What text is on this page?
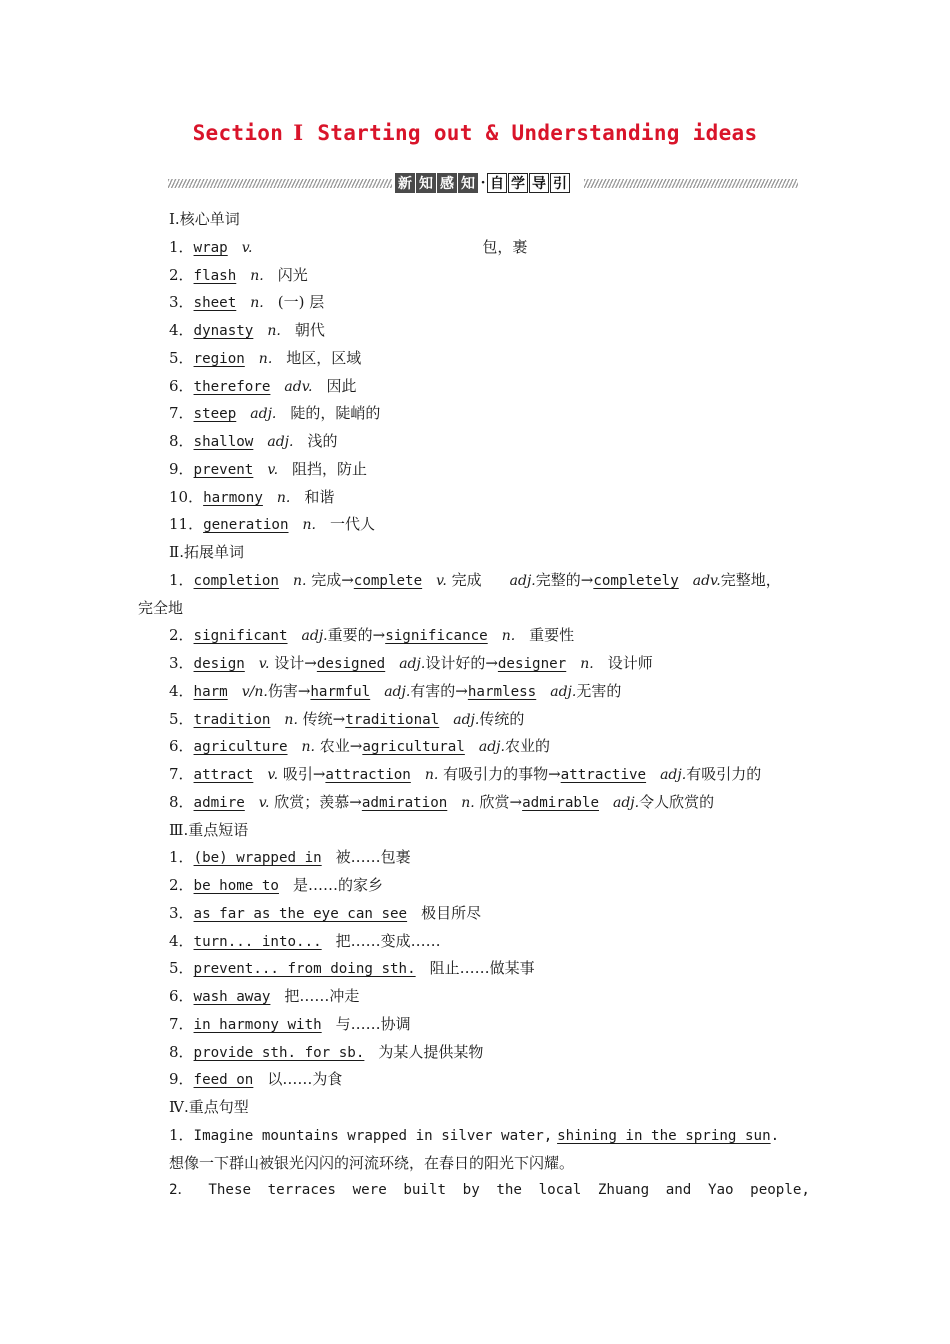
Section Ⅰ Starting out & Understanding ideas
新 知 感 知 · 自 学 导 引
Ⅰ.核心单词
1．wrap v.	包，裹
2．flash n. 闪光
3．sheet n. (一) 层
4．dynasty n. 朝代
5．region n. 地区，区域
6．therefore adv. 因此
7．steep adj. 陡的，陡峭的
8．shallow adj. 浅的
9．prevent v. 阻挡，防止
10．harmony n. 和谐
11．generation n. 一代人
Ⅱ.拓展单词
1．completion n. 完成→complete v. 完成 adj.完整的→completely adv.完整地，
完全地
2．significant adj.重要的→significance n. 重要性
3．design v. 设计→designed adj.设计好的→designer n. 设计师
4．harm v/n.伤害→harmful adj.有害的→harmless adj.无害的
5．tradition n. 传统→traditional adj.传统的
6．agriculture n. 农业→agricultural adj.农业的
7．attract v. 吸引→attraction n. 有吸引力的事物→attractive adj.有吸引力的
8．admire v. 欣赏；羡慕→admiration n. 欣赏→admirable adj.令人欣赏的
Ⅲ.重点短语
1．(be) wrapped in 被……包裹
2．be home to 是……的家乡
3．as far as the eye can see 极目所尽
4．turn... into... 把……变成……
5．prevent... from doing sth. 阻止……做某事
6．wash away 把……冲走
7．in harmony with 与……协调
8．provide sth. for sb. 为某人提供某物
9．feed on 以……为食
Ⅳ.重点句型
1．Imagine mountains wrapped in silver water, shining in the spring sun.
想像一下群山被银光闪闪的河流环绕，在春日的阳光下闪耀。
2． These terraces were built by the local Zhuang and Yao people,
